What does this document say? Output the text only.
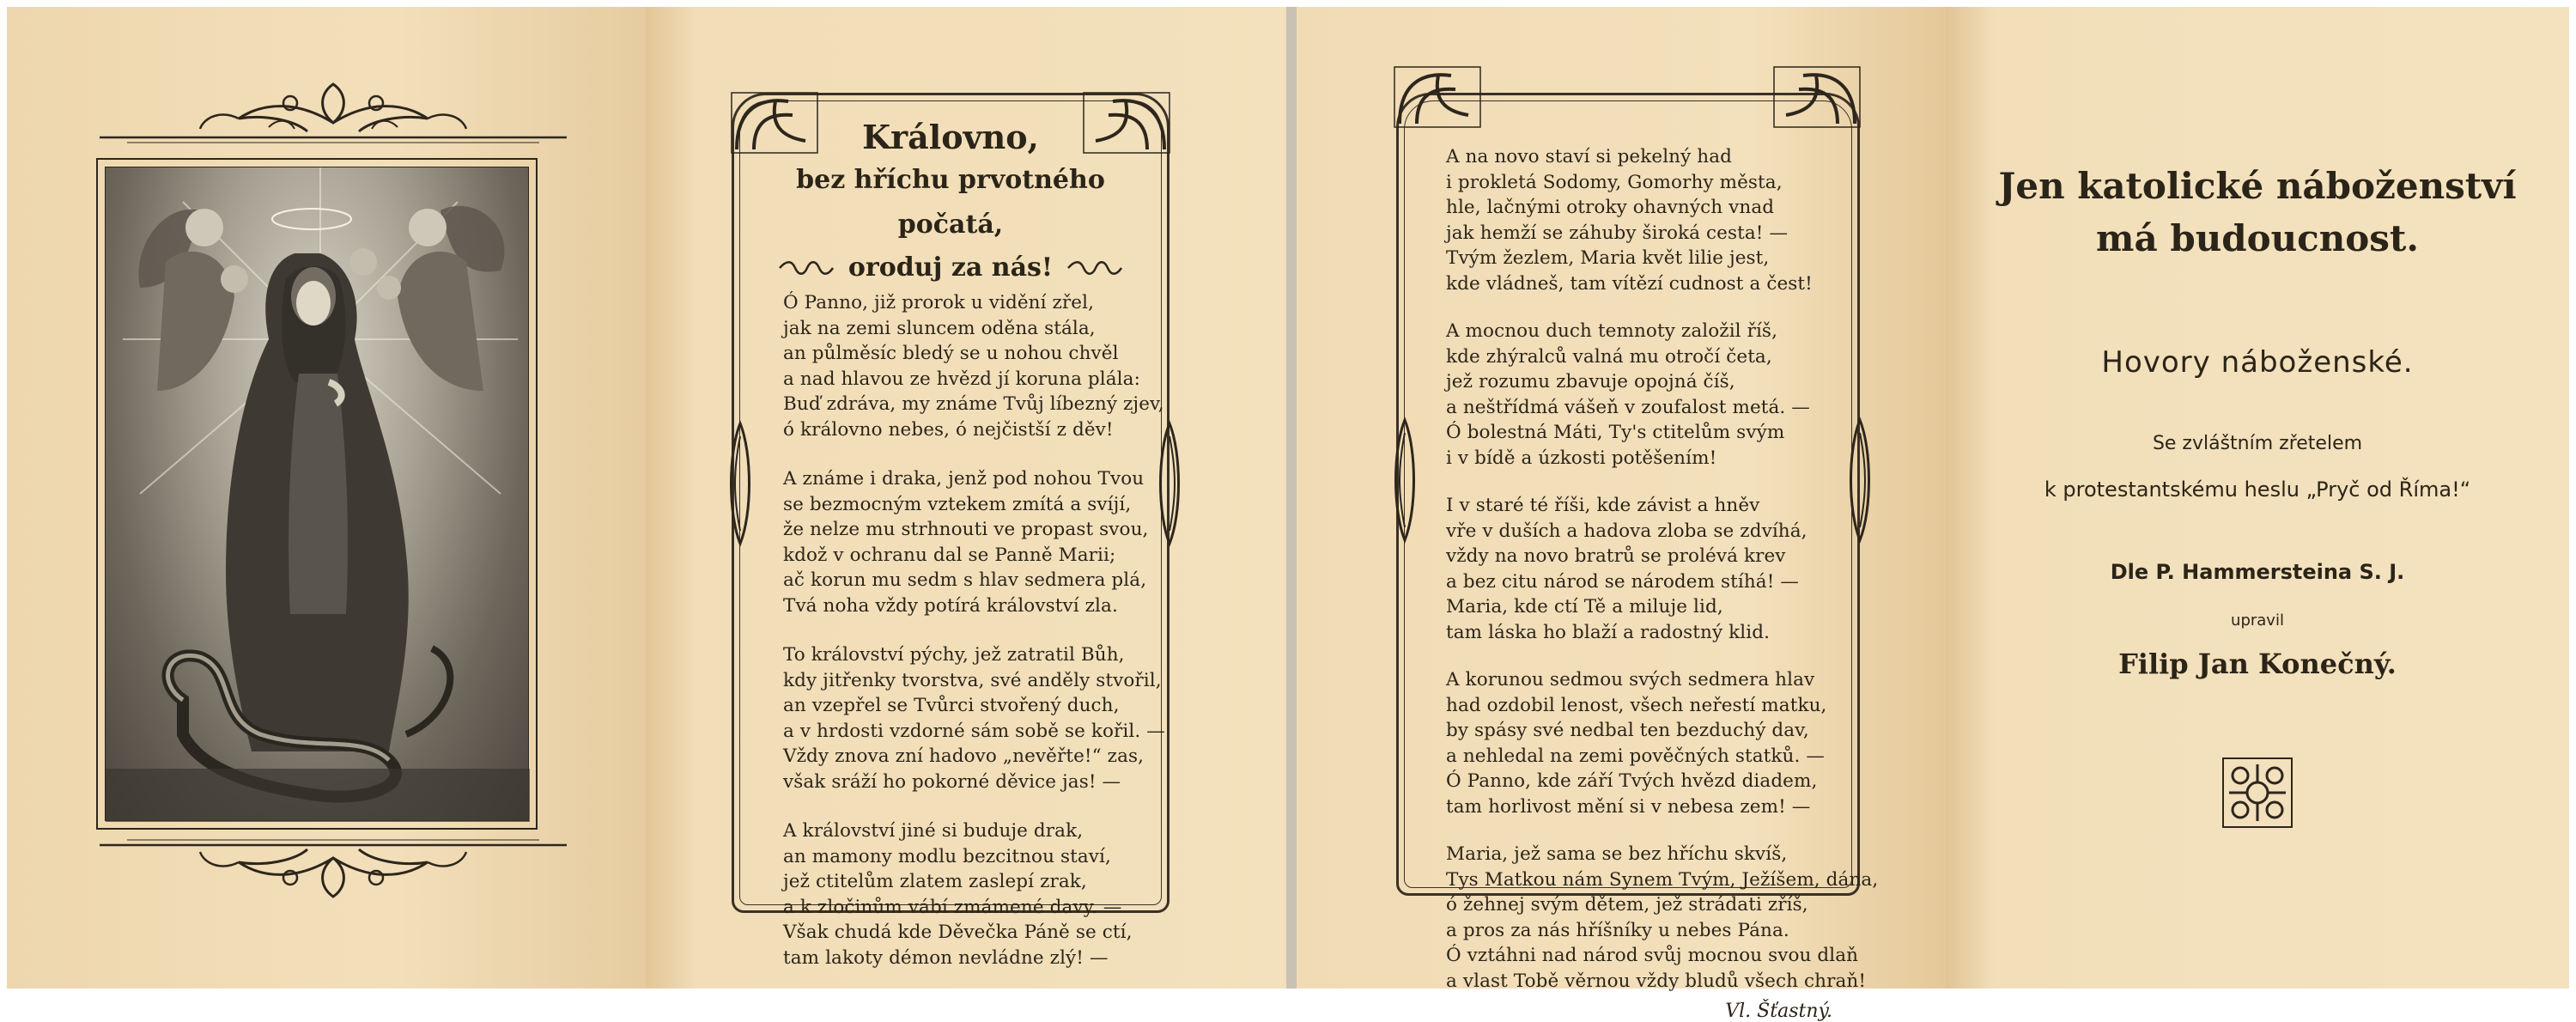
Královno,
bez hříchu prvotného počatá,
oroduj za nás!
Ó Panno, již prorok u vidění zřel,
jak na zemi sluncem oděna stála,
an půlměsíc bledý se u nohou chvěl
a nad hlavou ze hvězd jí koruna plála:
Buď zdráva, my známe Tvůj líbezný zjev,
ó královno nebes, ó nejčistší z děv!
A známe i draka, jenž pod nohou Tvou
se bezmocným vztekem zmítá a svíjí,
že nelze mu strhnouti ve propast svou,
kdož v ochranu dal se Panně Marii;
ač korun mu sedm s hlav sedmera plá,
Tvá noha vždy potírá království zla.
To království pýchy, jež zatratil Bůh,
kdy jitřenky tvorstva, své anděly stvořil,
an vzepřel se Tvůrci stvořený duch,
a v hrdosti vzdorné sám sobě se kořil. —
Vždy znova zní hadovo „nevěřte!“ zas,
však sráží ho pokorné děvice jas! —
A království jiné si buduje drak,
an mamony modlu bezcitnou staví,
jež ctitelům zlatem zaslepí zrak,
a k zločinům vábí zmámené davy. —
Však chudá kde Děvečka Páně se ctí,
tam lakoty démon nevládne zlý! —
A na novo staví si pekelný had
i prokletá Sodomy, Gomorhy města,
hle, lačnými otroky ohavných vnad
jak hemží se záhuby široká cesta! —
Tvým žezlem, Maria květ lilie jest,
kde vládneš, tam vítězí cudnost a čest!
A mocnou duch temnoty založil říš,
kde zhýralců valná mu otročí četa,
jež rozumu zbavuje opojná číš,
a neštřídmá vášeň v zoufalost metá. —
Ó bolestná Máti, Ty's ctitelům svým
i v bídě a úzkosti potěšením!
I v staré té říši, kde závist a hněv
vře v duších a hadova zloba se zdvíhá,
vždy na novo bratrů se prolévá krev
a bez citu národ se národem stíhá! —
Maria, kde ctí Tě a miluje lid,
tam láska ho blaží a radostný klid.
A korunou sedmou svých sedmera hlav
had ozdobil lenost, všech neřestí matku,
by spásy své nedbal ten bezduchý dav,
a nehledal na zemi pověčných statků. —
Ó Panno, kde září Tvých hvězd diadem,
tam horlivost mění si v nebesa zem! —
Maria, jež sama se bez hříchu skvíš,
Tys Matkou nám Synem Tvým, Ježíšem, dána,
ó žehnej svým dětem, jež strádati zříš,
a pros za nás hříšníky u nebes Pána.
Ó vztáhni nad národ svůj mocnou svou dlaň
a vlast Tobě věrnou vždy bludů všech chraň!
Vl. Šťastný.
Jen katolické náboženství
má budoucnost.
Hovory náboženské.
Se zvláštním zřetelem
k protestantskému heslu „Pryč od Říma!“
Dle P. Hammersteina S. J.
upravil
Filip Jan Konečný.
